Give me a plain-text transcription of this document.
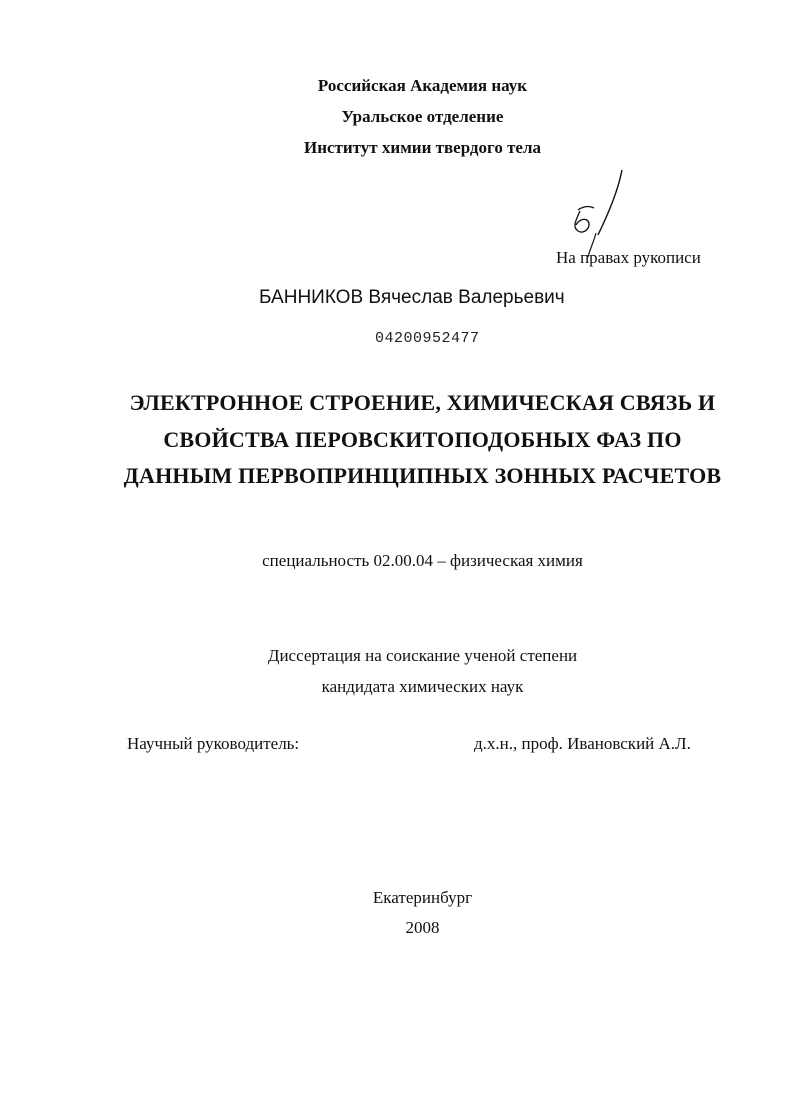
Российская Академия наук
Уральское отделение
Институт химии твердого тела
На правах рукописи
БАННИКОВ Вячеслав Валерьевич
04200952477
ЭЛЕКТРОННОЕ СТРОЕНИЕ, ХИМИЧЕСКАЯ СВЯЗЬ И
СВОЙСТВА ПЕРОВСКИТОПОДОБНЫХ ФАЗ ПО
ДАННЫМ ПЕРВОПРИНЦИПНЫХ ЗОННЫХ РАСЧЕТОВ
специальность 02.00.04 – физическая химия
Диссертация на соискание ученой степени
кандидата химических наук
Научный руководитель:	д.х.н., проф. Ивановский А.Л.
Екатеринбург
2008
